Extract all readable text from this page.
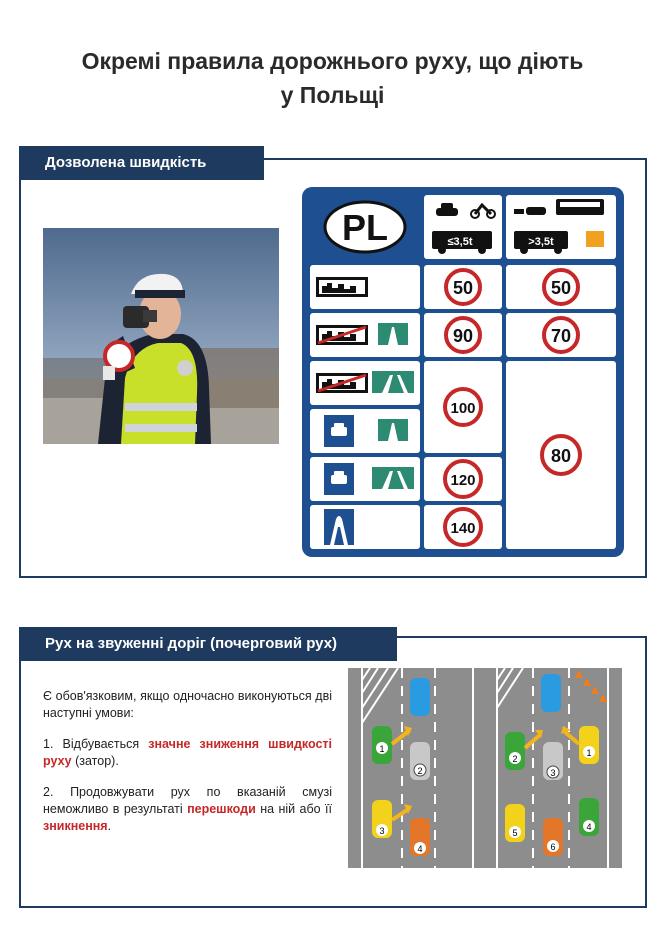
Окремі правила дорожнього руху, що діють
у Польщі
Дозволена швидкість
PL	≤3,5t	>3,5t
50
90
100
120
140
50
70
80
Рух на звуженні доріг (почерговий рух)

Є обов'язковим, якщо одночасно виконуються дві наступні умови:

1. Відбувається значне зниження швидкості руху (затор).

2. Продовжувати рух по вказаній смузі неможливо в результаті перешкоди на ній або її зникнення.

1
2
3
4
1
2
3
4
5
6
